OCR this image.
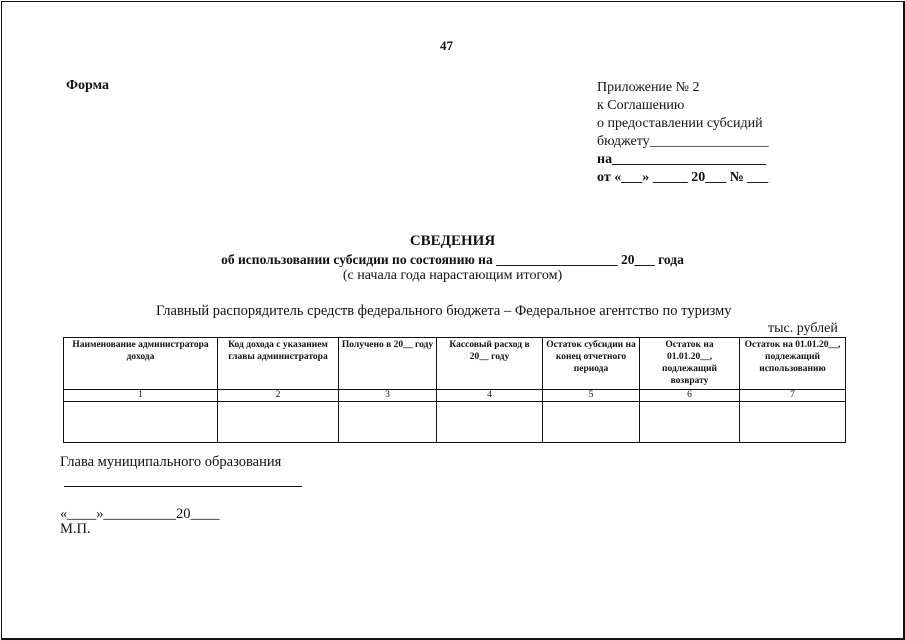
47
Форма	Приложение № 2
к Соглашению
о предоставлении субсидий
бюджету_________________
на______________________
от «___» _____ 20___ № ___
СВЕДЕНИЯ
об использовании субсидии по состоянию на __________________ 20___ года
(с начала года нарастающим итогом)
Главный распорядитель средств федерального бюджета – Федеральное агентство по туризму
тыс. рублей
Наименование администратора дохода	Код дохода с указанием главы администратора	Получено в 20__ году	Кассовый расход в 20__ году	Остаток субсидии на конец отчетного периода	Остаток на 01.01.20__, подлежащий возврату	Остаток на 01.01.20__, подлежащий использованию
1	2	3	4	5	6	7

Глава муниципального образования
«____»__________20____
М.П.
